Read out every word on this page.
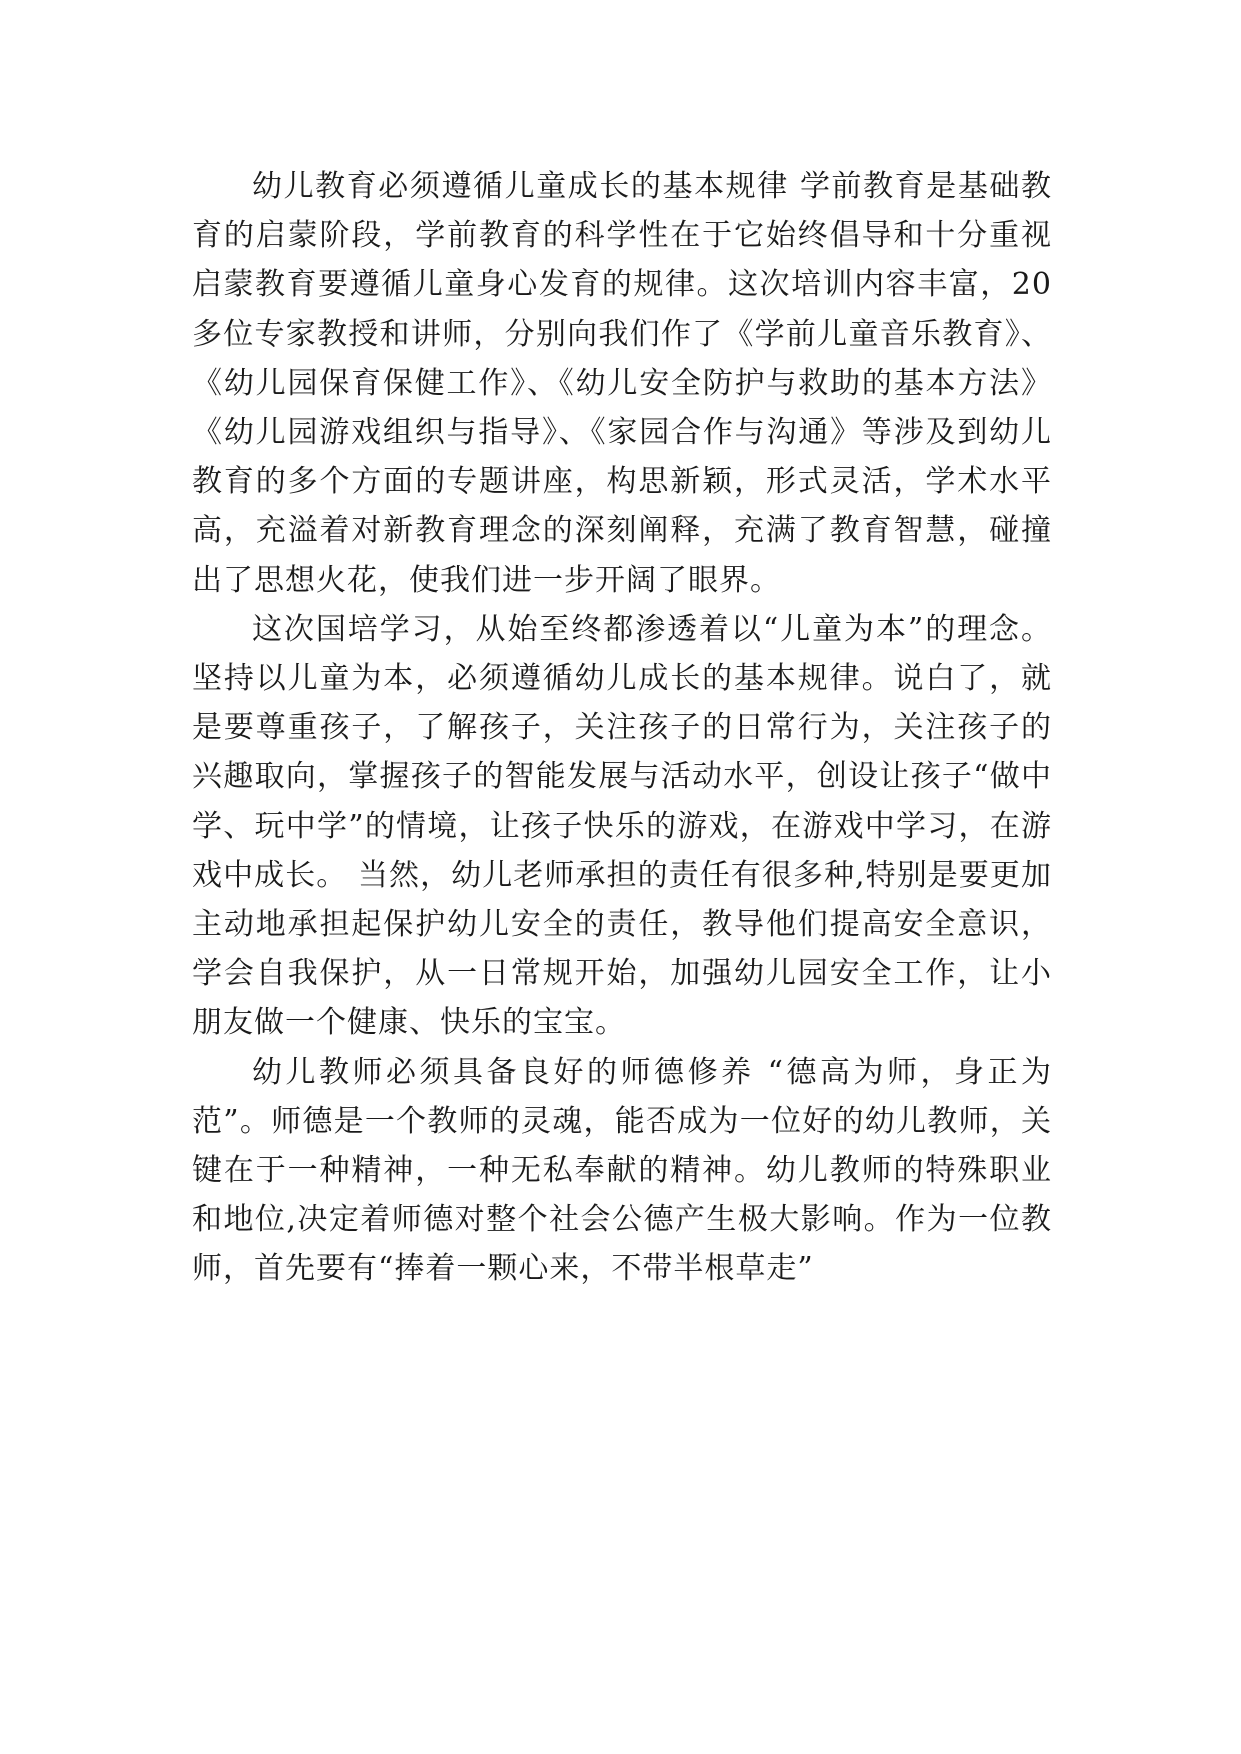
幼儿教育必须遵循儿童成长的基本规律 学前教育是基础教育的启蒙阶段，学前教育的科学性在于它始终倡导和十分重视启蒙教育要遵循儿童身心发育的规律。这次培训内容丰富，20多位专家教授和讲师，分别向我们作了《学前儿童音乐教育》、《幼儿园保育保健工作》、《幼儿安全防护与救助的基本方法》《幼儿园游戏组织与指导》、《家园合作与沟通》等涉及到幼儿教育的多个方面的专题讲座，构思新颖，形式灵活，学术水平高，充溢着对新教育理念的深刻阐释，充满了教育智慧，碰撞出了思想火花，使我们进一步开阔了眼界。

这次国培学习，从始至终都渗透着以“儿童为本”的理念。坚持以儿童为本，必须遵循幼儿成长的基本规律。说白了，就是要尊重孩子，了解孩子，关注孩子的日常行为，关注孩子的兴趣取向，掌握孩子的智能发展与活动水平，创设让孩子“做中学、玩中学”的情境，让孩子快乐的游戏，在游戏中学习，在游戏中成长。 当然，幼儿老师承担的责任有很多种,特别是要更加主动地承担起保护幼儿安全的责任，教导他们提高安全意识，学会自我保护，从一日常规开始，加强幼儿园安全工作，让小朋友做一个健康、快乐的宝宝。

幼儿教师必须具备良好的师德修养 “德高为师，身正为范”。师德是一个教师的灵魂，能否成为一位好的幼儿教师，关键在于一种精神，一种无私奉献的精神。幼儿教师的特殊职业和地位,决定着师德对整个社会公德产生极大影响。作为一位教师，首先要有“捧着一颗心来，不带半根草走”
